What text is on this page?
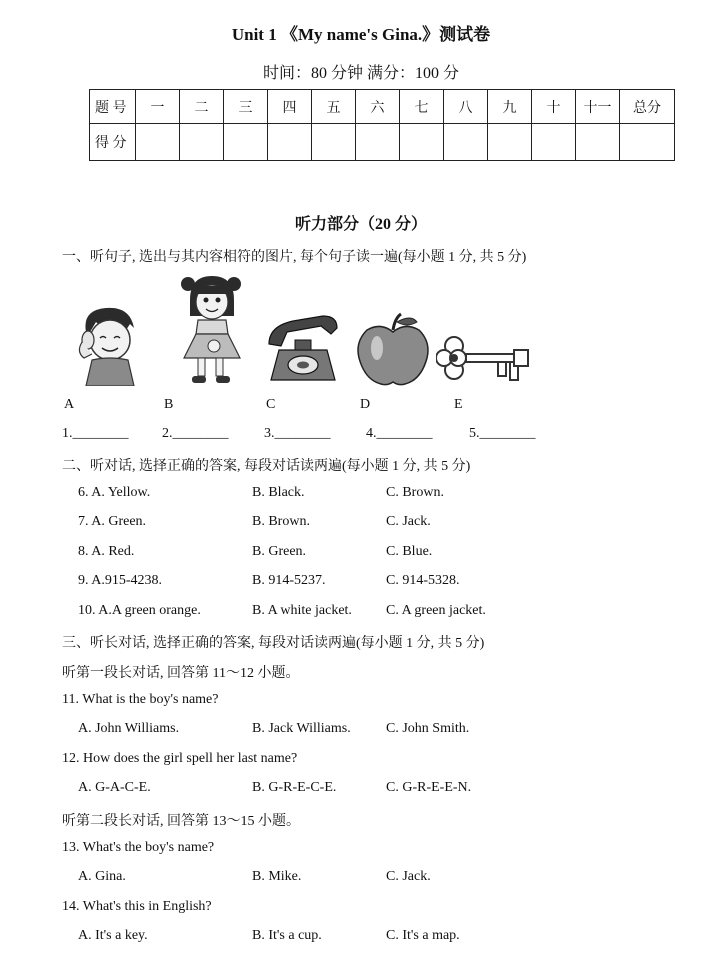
Unit 1 《My name's Gina.》测试卷
时间：80 分钟 满分：100 分
题 号	一	二	三	四	五	六	七	八	九	十	十一	总分
得 分												
听力部分（20 分）
一、听句子, 选出与其内容相符的图片, 每个句子读一遍(每小题 1 分, 共 5 分)
A	B	C	D	E
1.________ 2.________	3.________	4.________	5.________
二、听对话, 选择正确的答案, 每段对话读两遍(每小题 1 分, 共 5 分)
6. A. Yellow.	B. Black.	C. Brown.
7. A. Green.	B. Brown.	C. Jack.
8. A. Red.	B. Green.	C. Blue.
9. A.915-4238.	B. 914-5237.	C. 914-5328.
10. A.A green orange.	B. A white jacket. C. A green jacket.
三、听长对话, 选择正确的答案, 每段对话读两遍(每小题 1 分, 共 5 分)
听第一段长对话, 回答第 11～12 小题。
11. What is the boy's name?
A. John Williams.	B. Jack Williams.	C. John Smith.
12. How does the girl spell her last name?
A. G-A-C-E.	B. G-R-E-C-E.	C. G-R-E-E-N.
听第二段长对话, 回答第 13～15 小题。
13. What's the boy's name?
A. Gina.	B. Mike.	C. Jack.
14. What's this in English?
A. It's a key.	B. It's a cup.	C. It's a map.
